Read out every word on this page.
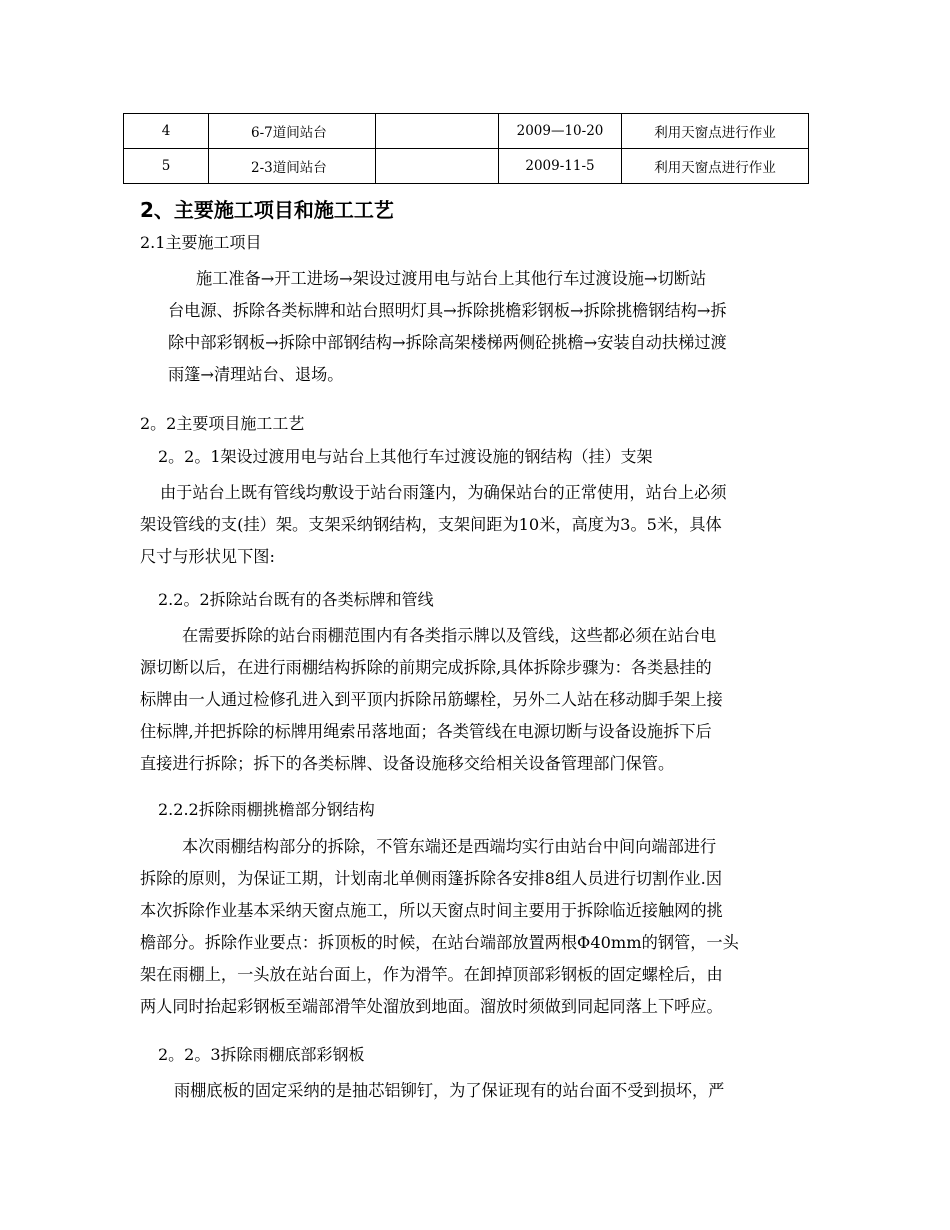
4	6-7道间站台		2009—10-20	利用天窗点进行作业
5	2-3道间站台		2009-11-5	利用天窗点进行作业
2、主要施工项目和施工工艺
2.1主要施工项目
施工准备→开工进场→架设过渡用电与站台上其他行车过渡设施→切断站
台电源、拆除各类标牌和站台照明灯具→拆除挑檐彩钢板→拆除挑檐钢结构→拆
除中部彩钢板→拆除中部钢结构→拆除高架楼梯两侧砼挑檐→安装自动扶梯过渡
雨篷→清理站台、退场。
2。2主要项目施工工艺
2。2。1架设过渡用电与站台上其他行车过渡设施的钢结构（挂）支架
由于站台上既有管线均敷设于站台雨篷内，为确保站台的正常使用，站台上必须
架设管线的支(挂）架。支架采纳钢结构，支架间距为10米，高度为3。5米，具体
尺寸与形状见下图:
2.2。2拆除站台既有的各类标牌和管线
在需要拆除的站台雨棚范围内有各类指示牌以及管线，这些都必须在站台电
源切断以后，在进行雨棚结构拆除的前期完成拆除,具体拆除步骤为：各类悬挂的
标牌由一人通过检修孔进入到平顶内拆除吊筋螺栓，另外二人站在移动脚手架上接
住标牌,并把拆除的标牌用绳索吊落地面；各类管线在电源切断与设备设施拆下后
直接进行拆除；拆下的各类标牌、设备设施移交给相关设备管理部门保管。
2.2.2拆除雨棚挑檐部分钢结构
本次雨棚结构部分的拆除，不管东端还是西端均实行由站台中间向端部进行
拆除的原则，为保证工期，计划南北单侧雨篷拆除各安排8组人员进行切割作业.因
本次拆除作业基本采纳天窗点施工，所以天窗点时间主要用于拆除临近接触网的挑
檐部分。拆除作业要点：拆顶板的时候，在站台端部放置两根Φ40mm的钢管，一头
架在雨棚上，一头放在站台面上，作为滑竿。在卸掉顶部彩钢板的固定螺栓后，由
两人同时抬起彩钢板至端部滑竿处溜放到地面。溜放时须做到同起同落上下呼应。
2。2。3拆除雨棚底部彩钢板
雨棚底板的固定采纳的是抽芯铝铆钉，为了保证现有的站台面不受到损坏，严
